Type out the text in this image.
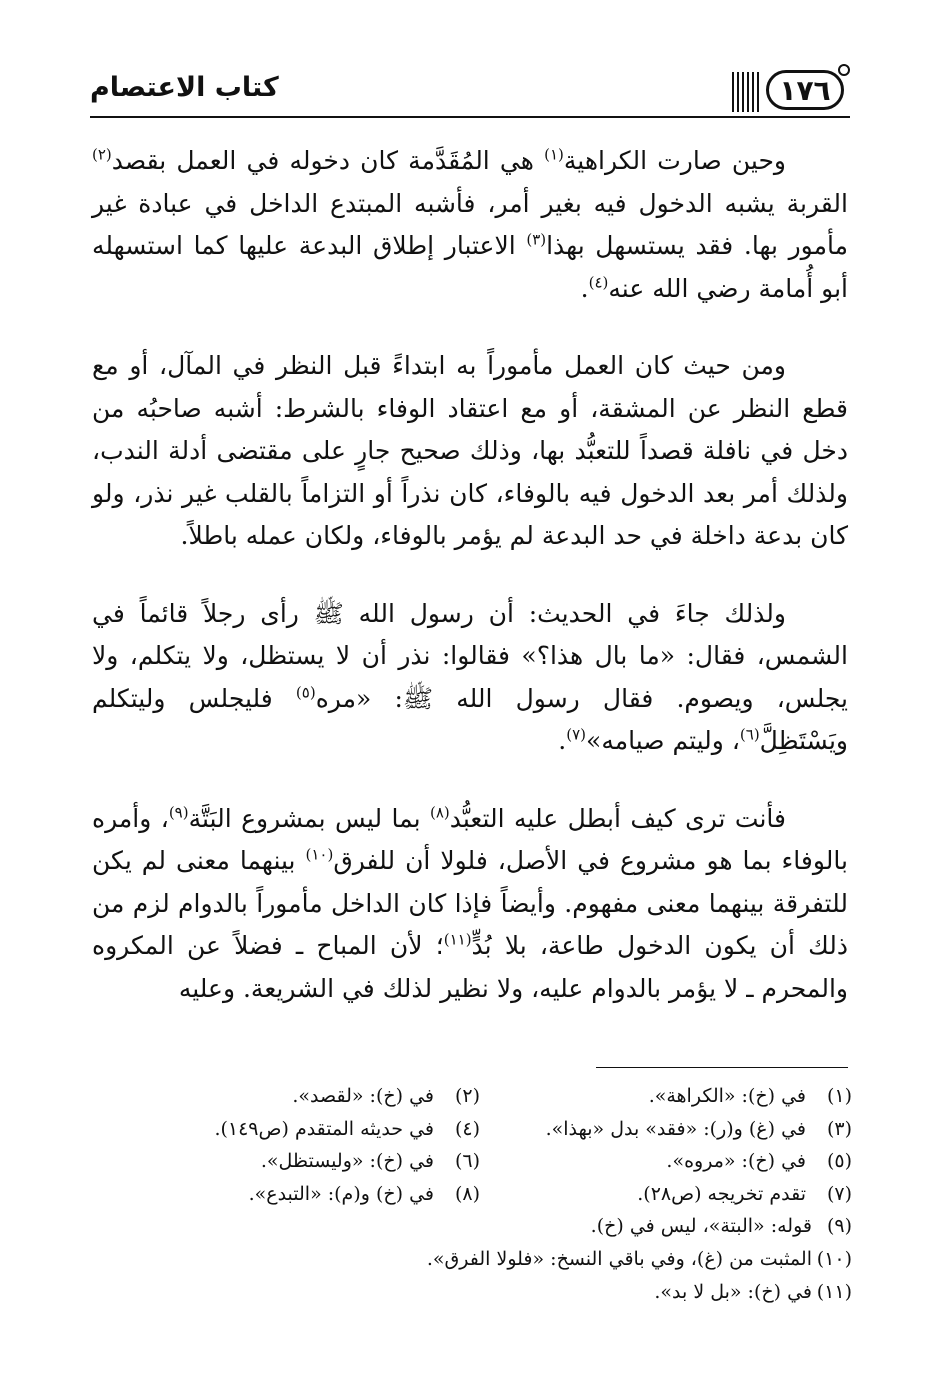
كتاب الاعتصام	١٧٦

وحين صارت الكراهية$^{(١)}$ هي المُقَدَّمة كان دخوله في العمل بقصد$^{(٢)}$ القربة يشبه الدخول فيه بغير أمر، فأشبه المبتدع الداخل في عبادة غير مأمور بها. فقد يستسهل بهذا$^{(٣)}$ الاعتبار إطلاق البدعة عليها كما استسهله أبو أُمامة رضي الله عنه$^{(٤)}$.

ومن حيث كان العمل مأموراً به ابتداءً قبل النظر في المآل، أو مع قطع النظر عن المشقة، أو مع اعتقاد الوفاء بالشرط: أشبه صاحبُه من دخل في نافلة قصداً للتعبُّد بها، وذلك صحيح جارٍ على مقتضى أدلة الندب، ولذلك أمر بعد الدخول فيه بالوفاء، كان نذراً أو التزاماً بالقلب غير نذر، ولو كان بدعة داخلة في حد البدعة لم يؤمر بالوفاء، ولكان عمله باطلاً.

ولذلك جاءَ في الحديث: أن رسول الله ﷺ رأى رجلاً قائماً في الشمس، فقال: «ما بال هذا؟» فقالوا: نذر أن لا يستظل، ولا يتكلم، ولا يجلس، ويصوم. فقال رسول الله ﷺ: «مره$^{(٥)}$ فليجلس وليتكلم ويَسْتَظِلَّ$^{(٦)}$، وليتم صيامه»$^{(٧)}$.

فأنت ترى كيف أبطل عليه التعبُّد$^{(٨)}$ بما ليس بمشروع البَتَّة$^{(٩)}$، وأمره بالوفاء بما هو مشروع في الأصل، فلولا أن للفرق$^{(١٠)}$ بينهما معنى لم يكن للتفرقة بينهما معنى مفهوم. وأيضاً فإذا كان الداخل مأموراً بالدوام لزم من ذلك أن يكون الدخول طاعة، بلا بُدٍّ$^{(١١)}$؛ لأن المباح ـ فضلاً عن المكروه والمحرم ـ لا يؤمر بالدوام عليه، ولا نظير لذلك في الشريعة. وعليه

(١)
في (خ): «الكراهة».
(٢)
في (خ): «لقصد».
(٣)
في (غ) و(ر): «فقد» بدل «بهذا».
(٤)
في حديثه المتقدم (ص١٤٩).
(٥)
في (خ): «مروه».
(٦)
في (خ): «وليستظل».
(٧)
تقدم تخريجه (ص٢٨).
(٨)
في (خ) و(م): «التبدع».
(٩)
قوله: «البتة»، ليس في (خ).
(١٠)
المثبت من (غ)، وفي باقي النسخ: «فلولا الفرق».
(١١)
في (خ): «بل لا بد».
